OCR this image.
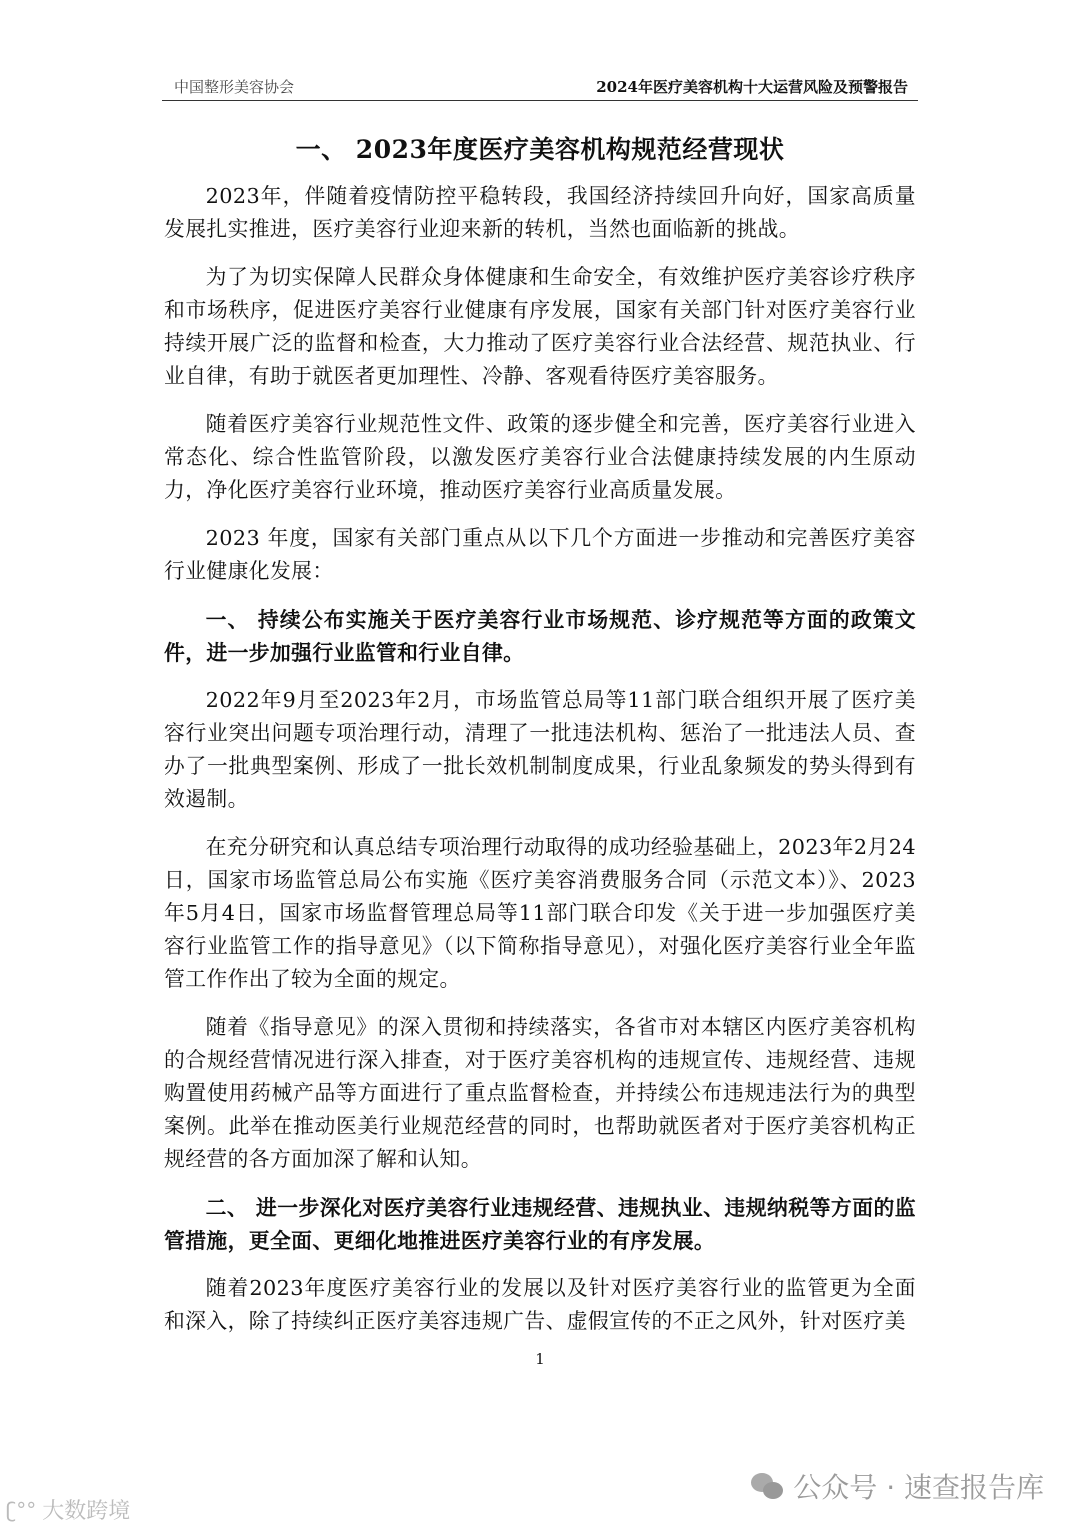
中国整形美容协会	2024年医疗美容机构十大运营风险及预警报告
一、 2023年度医疗美容机构规范经营现状

2023年，伴随着疫情防控平稳转段，我国经济持续回升向好，国家高质量发展扎实推进，医疗美容行业迎来新的转机，当然也面临新的挑战。

为了为切实保障人民群众身体健康和生命安全，有效维护医疗美容诊疗秩序和市场秩序，促进医疗美容行业健康有序发展，国家有关部门针对医疗美容行业持续开展广泛的监督和检查，大力推动了医疗美容行业合法经营、规范执业、行业自律，有助于就医者更加理性、冷静、客观看待医疗美容服务。

随着医疗美容行业规范性文件、政策的逐步健全和完善，医疗美容行业进入常态化、综合性监管阶段，以激发医疗美容行业合法健康持续发展的内生原动力，净化医疗美容行业环境，推动医疗美容行业高质量发展。

2023 年度，国家有关部门重点从以下几个方面进一步推动和完善医疗美容行业健康化发展：

一、 持续公布实施关于医疗美容行业市场规范、诊疗规范等方面的政策文件，进一步加强行业监管和行业自律。

2022年9月至2023年2月，市场监管总局等11部门联合组织开展了医疗美容行业突出问题专项治理行动，清理了一批违法机构、惩治了一批违法人员、查办了一批典型案例、形成了一批长效机制制度成果，行业乱象频发的势头得到有效遏制。

在充分研究和认真总结专项治理行动取得的成功经验基础上，2023年2月24日，国家市场监管总局公布实施《医疗美容消费服务合同（示范文本）》、2023年5月4日，国家市场监督管理总局等11部门联合印发《关于进一步加强医疗美容行业监管工作的指导意见》（以下简称指导意见），对强化医疗美容行业全年监管工作作出了较为全面的规定。

随着《指导意见》的深入贯彻和持续落实，各省市对本辖区内医疗美容机构的合规经营情况进行深入排查，对于医疗美容机构的违规宣传、违规经营、违规购置使用药械产品等方面进行了重点监督检查，并持续公布违规违法行为的典型案例。此举在推动医美行业规范经营的同时，也帮助就医者对于医疗美容机构正规经营的各方面加深了解和认知。

二、 进一步深化对医疗美容行业违规经营、违规执业、违规纳税等方面的监管措施，更全面、更细化地推进医疗美容行业的有序发展。

随着2023年度医疗美容行业的发展以及针对医疗美容行业的监管更为全面和深入，除了持续纠正医疗美容违规广告、虚假宣传的不正之风外，针对医疗美

1
公众号 · 速查报告库
ʗ°° 大数跨境
